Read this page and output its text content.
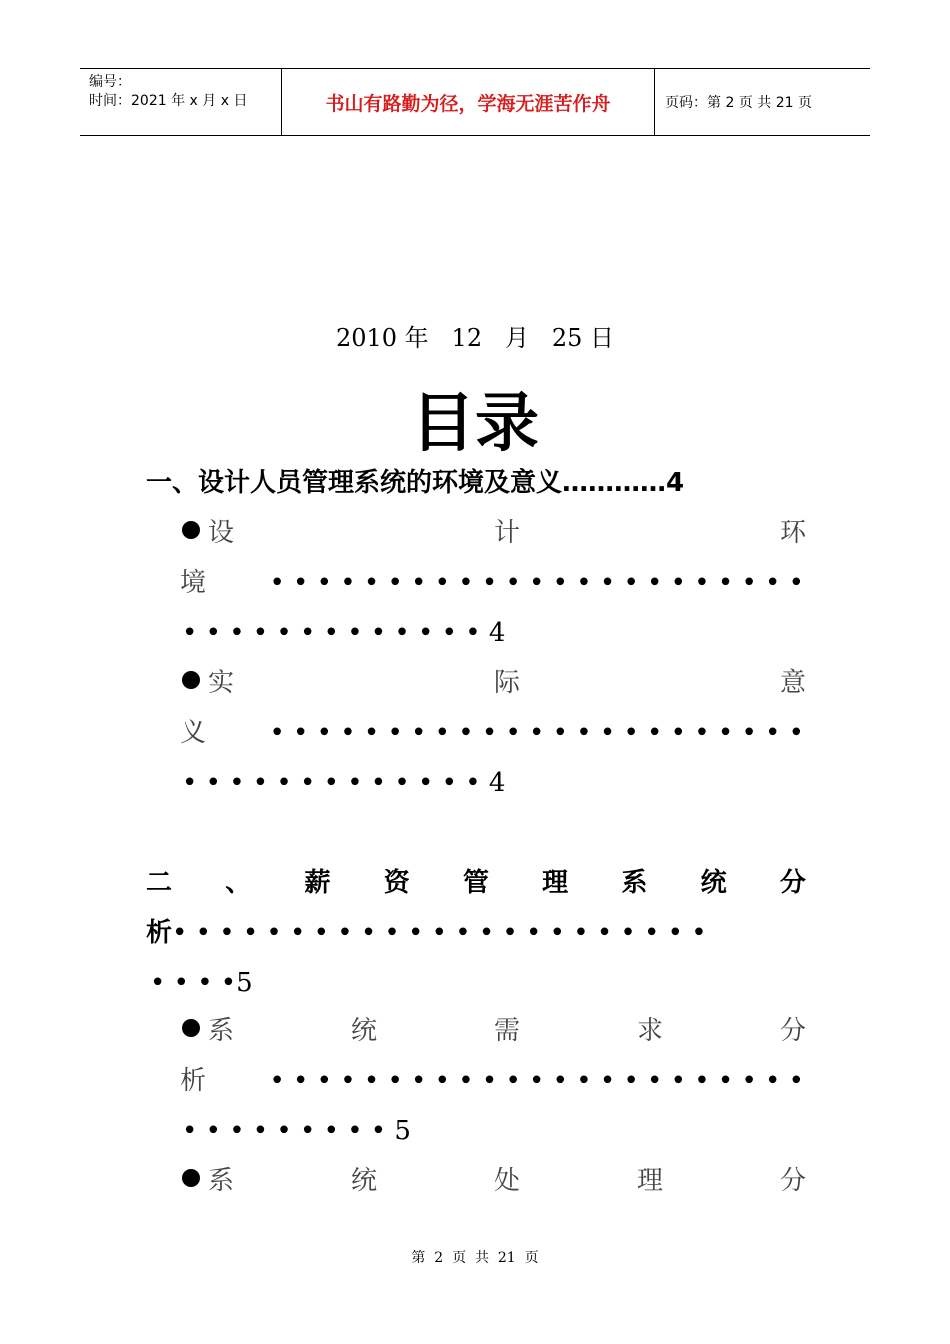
编号：
时间：2021 年 x 月 x 日	书山有路勤为径，学海无涯苦作舟	页码：第 2 页 共 21 页
2010 年   12   月   25 日
目录
一、设计人员管理系统的环境及意义…………4
设	计	环
境 • • • • • • • • • • • • • • • • • • • • • • •
• • • • • • • • • • • • • 4
实	际	意
义 • • • • • • • • • • • • • • • • • • • • • • •
• • • • • • • • • • • • • 4
二 、 薪 资 管 理 系 统 分
析• • • • • • • • • • • • • • • • • • • • • • •
• • • •5
系	统	需	求	分
析 • • • • • • • • • • • • • • • • • • • • • • •
• • • • • • • • • 5
系	统	处	理	分
第  2  页  共  21  页
